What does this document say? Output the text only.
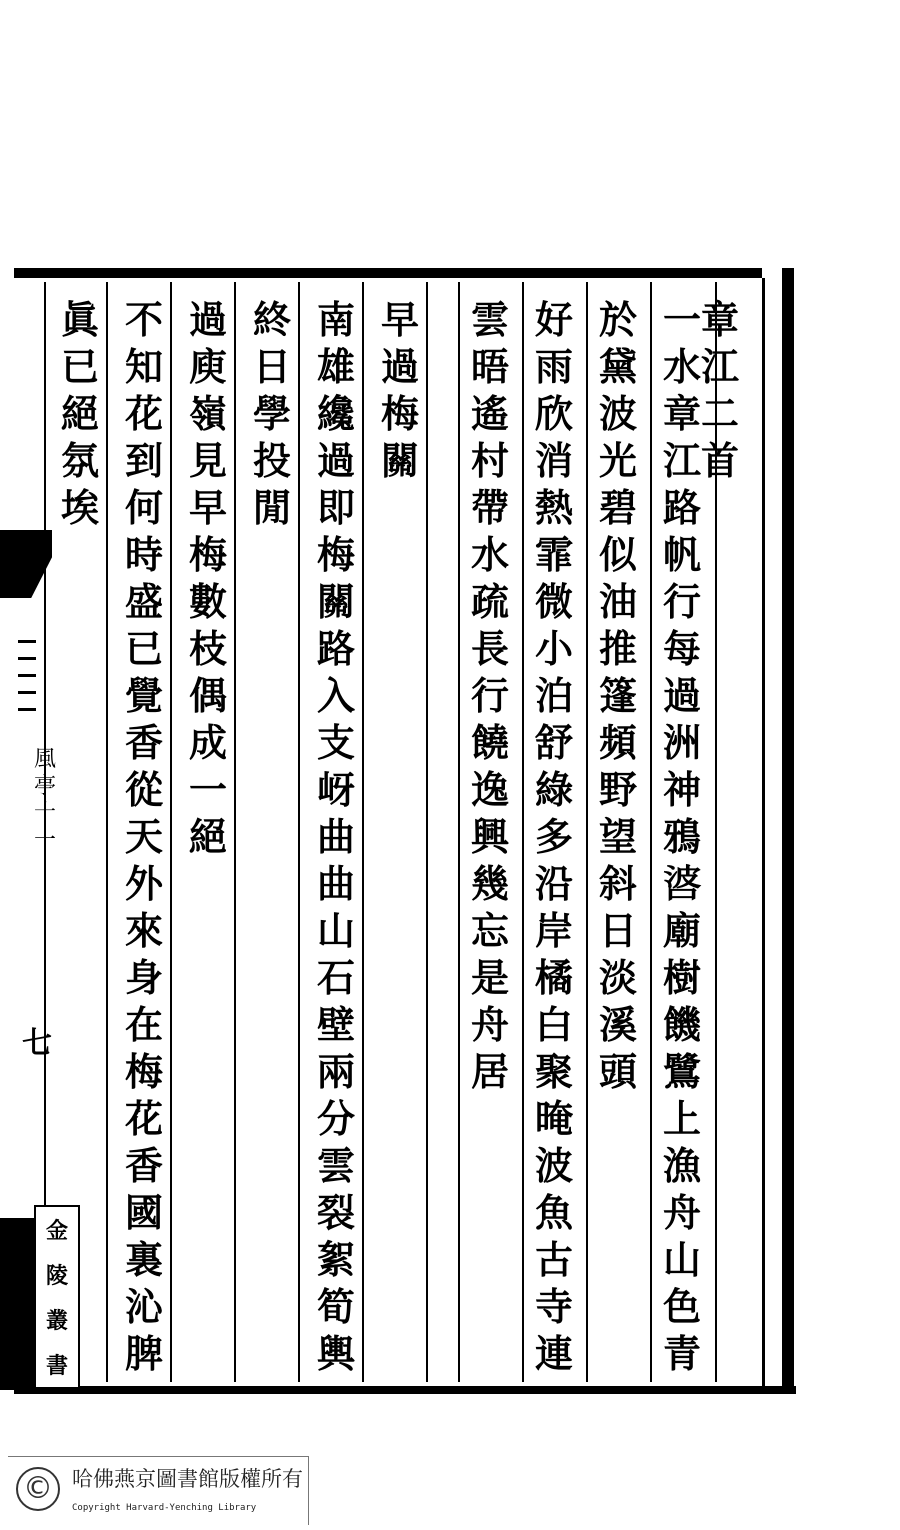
章
江
二
首
一
水
章
江
路
帆
行
每
過
洲
神
鴉
𠴸
廟
樹
饑
鷺
上
漁
舟
山
色
青
於
黛
波
光
碧
似
油
推
篷
頻
野
望
斜
日
淡
溪
頭
好
雨
欣
消
熱
霏
微
小
泊
舒
綠
多
沿
岸
橘
白
聚
晻
波
魚
古
寺
連
雲
晤
遙
村
帶
水
疏
長
行
饒
逸
興
幾
忘
是
舟
居
早
過
梅
關
南
雄
纔
過
即
梅
關
路
入
支
岈
曲
曲
山
石
壁
兩
分
雲
裂
絮
筍
輿
終
日
學
投
閒
過
庾
嶺
見
早
梅
數
枝
偶
成
一
絕
不
知
花
到
何
時
盛
已
覺
香
從
天
外
來
身
在
梅
花
香
國
裏
沁
脾
眞
已
絕
氛
埃
風
亭
十
一
七
金
陵
叢
書
© 哈佛燕京圖書館版權所有
Copyright Harvard-Yenching Library
